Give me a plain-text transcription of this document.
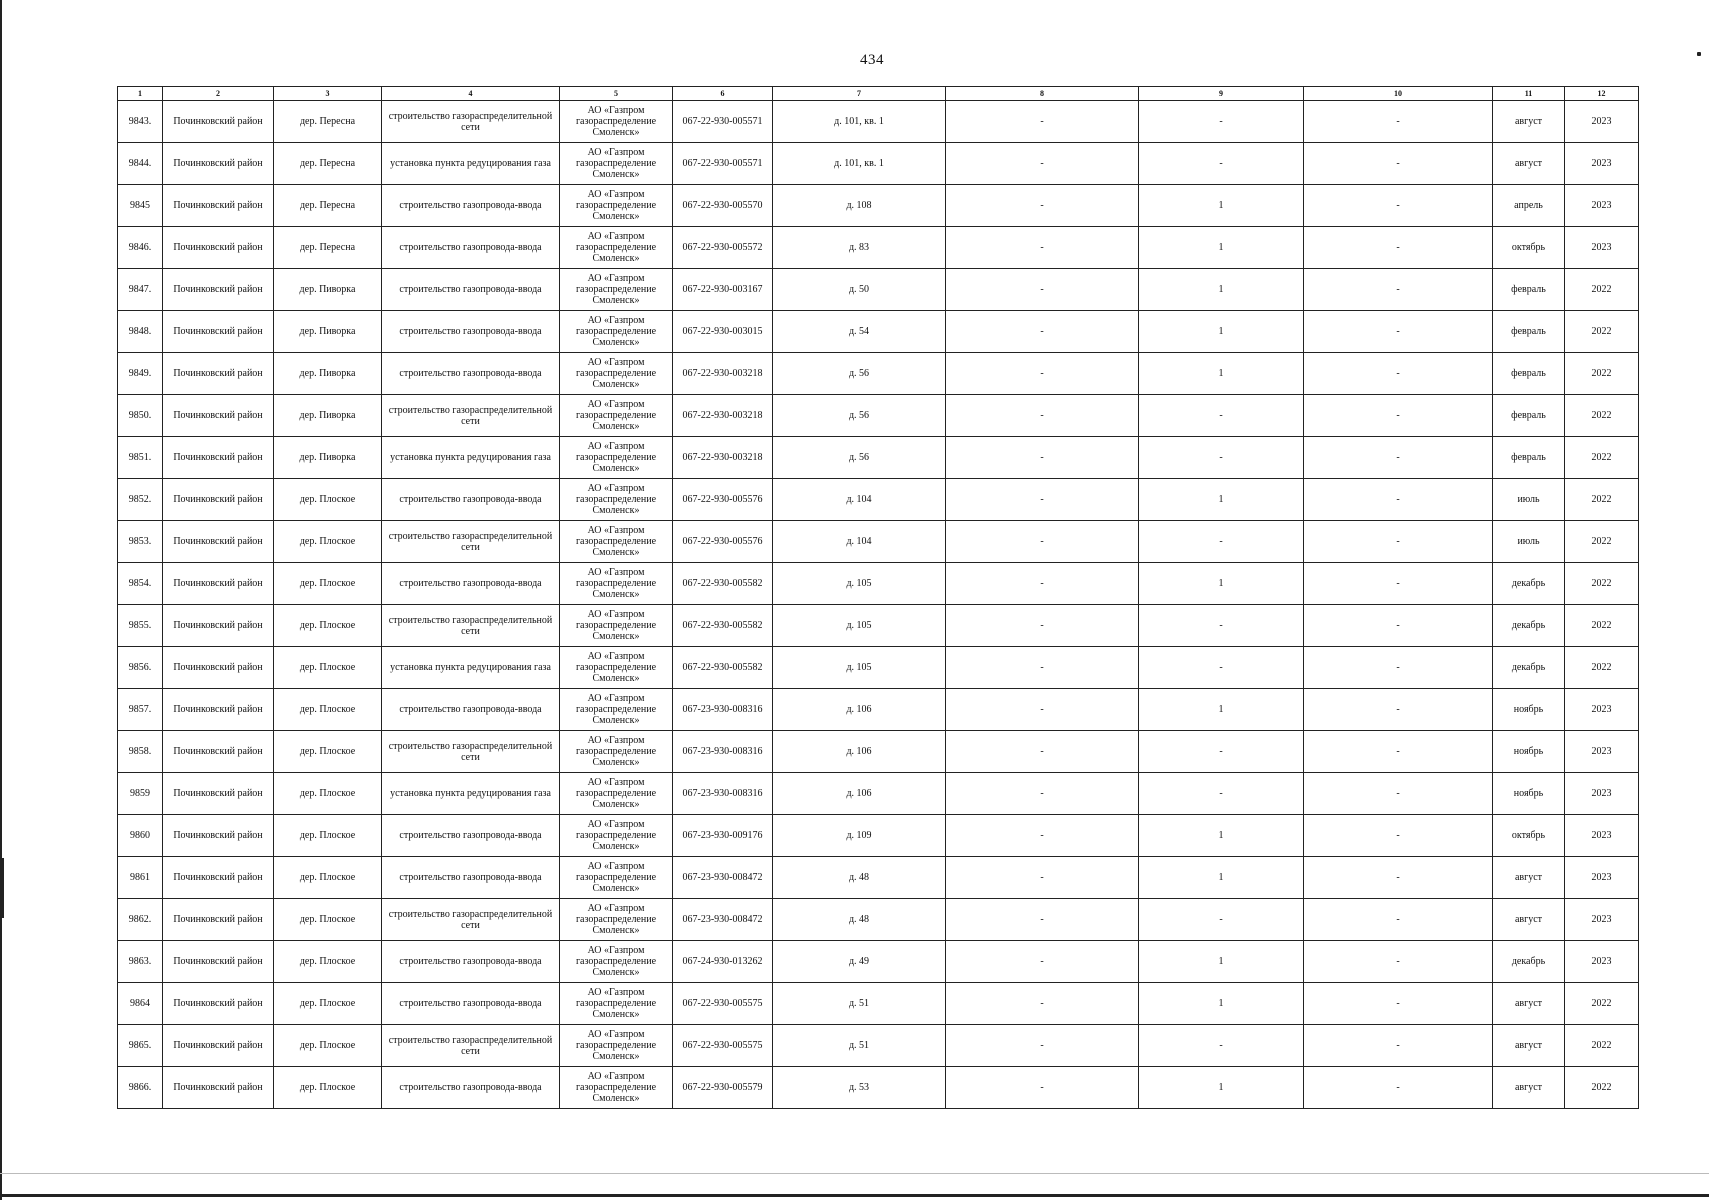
434
1	2	3	4	5	6	7	8	9	10	11	12
9843.	Починковский район	дер. Пересна	строительство газораспределительной сети	АО «Газпром газораспределение Смоленск»	067-22-930-005571	д. 101, кв. 1	-	-	-	август	2023
9844.	Починковский район	дер. Пересна	установка пункта редуцирования газа	АО «Газпром газораспределение Смоленск»	067-22-930-005571	д. 101, кв. 1	-	-	-	август	2023
9845	Починковский район	дер. Пересна	строительство газопровода-ввода	АО «Газпром газораспределение Смоленск»	067-22-930-005570	д. 108	-	1	-	апрель	2023
9846.	Починковский район	дер. Пересна	строительство газопровода-ввода	АО «Газпром газораспределение Смоленск»	067-22-930-005572	д. 83	-	1	-	октябрь	2023
9847.	Починковский район	дер. Пиворка	строительство газопровода-ввода	АО «Газпром газораспределение Смоленск»	067-22-930-003167	д. 50	-	1	-	февраль	2022
9848.	Починковский район	дер. Пиворка	строительство газопровода-ввода	АО «Газпром газораспределение Смоленск»	067-22-930-003015	д. 54	-	1	-	февраль	2022
9849.	Починковский район	дер. Пиворка	строительство газопровода-ввода	АО «Газпром газораспределение Смоленск»	067-22-930-003218	д. 56	-	1	-	февраль	2022
9850.	Починковский район	дер. Пиворка	строительство газораспределительной сети	АО «Газпром газораспределение Смоленск»	067-22-930-003218	д. 56	-	-	-	февраль	2022
9851.	Починковский район	дер. Пиворка	установка пункта редуцирования газа	АО «Газпром газораспределение Смоленск»	067-22-930-003218	д. 56	-	-	-	февраль	2022
9852.	Починковский район	дер. Плоское	строительство газопровода-ввода	АО «Газпром газораспределение Смоленск»	067-22-930-005576	д. 104	-	1	-	июль	2022
9853.	Починковский район	дер. Плоское	строительство газораспределительной сети	АО «Газпром газораспределение Смоленск»	067-22-930-005576	д. 104	-	-	-	июль	2022
9854.	Починковский район	дер. Плоское	строительство газопровода-ввода	АО «Газпром газораспределение Смоленск»	067-22-930-005582	д. 105	-	1	-	декабрь	2022
9855.	Починковский район	дер. Плоское	строительство газораспределительной сети	АО «Газпром газораспределение Смоленск»	067-22-930-005582	д. 105	-	-	-	декабрь	2022
9856.	Починковский район	дер. Плоское	установка пункта редуцирования газа	АО «Газпром газораспределение Смоленск»	067-22-930-005582	д. 105	-	-	-	декабрь	2022
9857.	Починковский район	дер. Плоское	строительство газопровода-ввода	АО «Газпром газораспределение Смоленск»	067-23-930-008316	д. 106	-	1	-	ноябрь	2023
9858.	Починковский район	дер. Плоское	строительство газораспределительной сети	АО «Газпром газораспределение Смоленск»	067-23-930-008316	д. 106	-	-	-	ноябрь	2023
9859	Починковский район	дер. Плоское	установка пункта редуцирования газа	АО «Газпром газораспределение Смоленск»	067-23-930-008316	д. 106	-	-	-	ноябрь	2023
9860	Починковский район	дер. Плоское	строительство газопровода-ввода	АО «Газпром газораспределение Смоленск»	067-23-930-009176	д. 109	-	1	-	октябрь	2023
9861	Починковский район	дер. Плоское	строительство газопровода-ввода	АО «Газпром газораспределение Смоленск»	067-23-930-008472	д. 48	-	1	-	август	2023
9862.	Починковский район	дер. Плоское	строительство газораспределительной сети	АО «Газпром газораспределение Смоленск»	067-23-930-008472	д. 48	-	-	-	август	2023
9863.	Починковский район	дер. Плоское	строительство газопровода-ввода	АО «Газпром газораспределение Смоленск»	067-24-930-013262	д. 49	-	1	-	декабрь	2023
9864	Починковский район	дер. Плоское	строительство газопровода-ввода	АО «Газпром газораспределение Смоленск»	067-22-930-005575	д. 51	-	1	-	август	2022
9865.	Починковский район	дер. Плоское	строительство газораспределительной сети	АО «Газпром газораспределение Смоленск»	067-22-930-005575	д. 51	-	-	-	август	2022
9866.	Починковский район	дер. Плоское	строительство газопровода-ввода	АО «Газпром газораспределение Смоленск»	067-22-930-005579	д. 53	-	1	-	август	2022
